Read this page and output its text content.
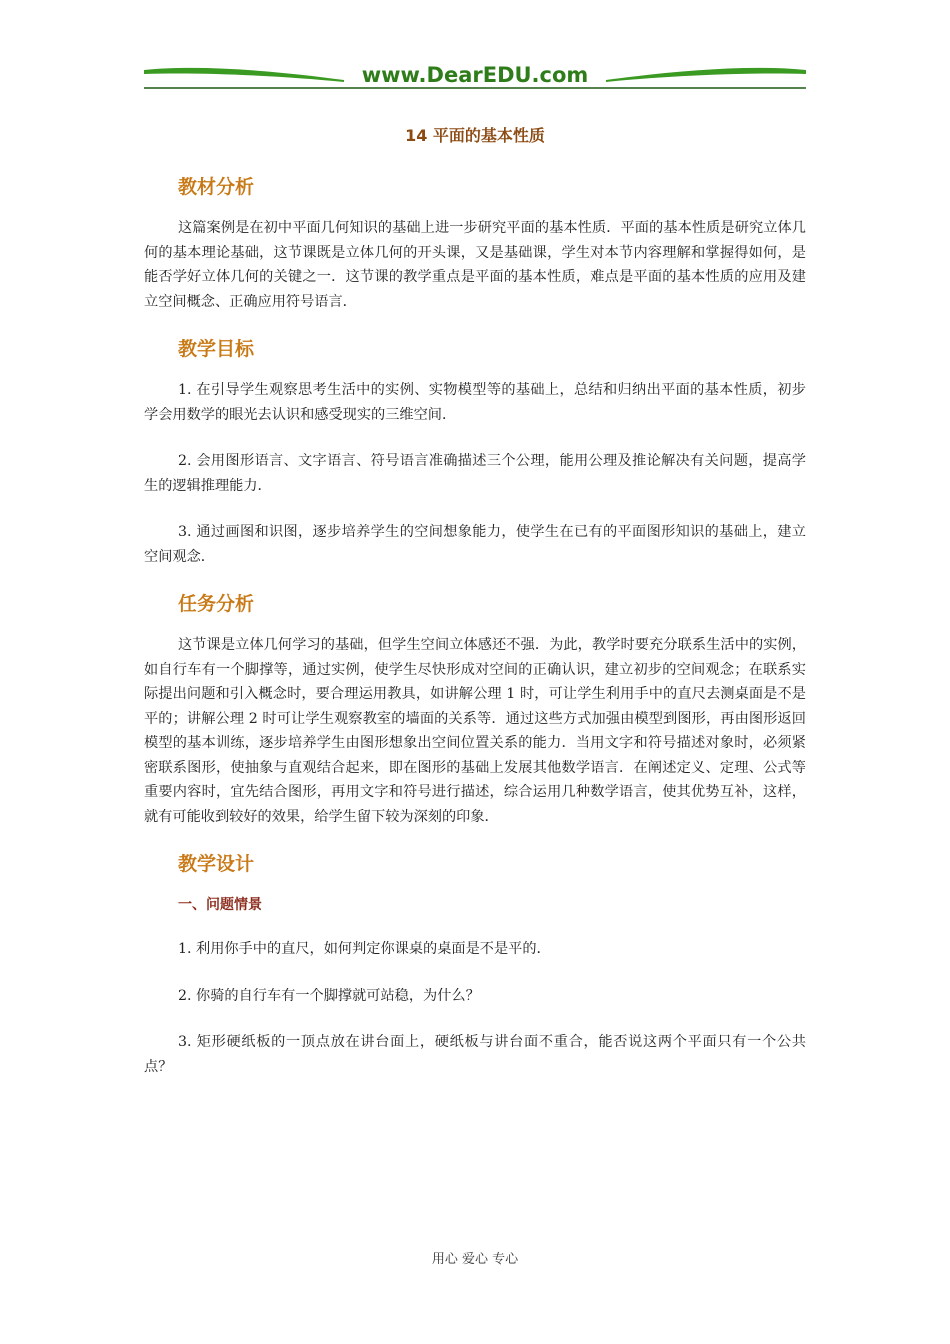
www.DearEDU.com
14 平面的基本性质
教材分析

这篇案例是在初中平面几何知识的基础上进一步研究平面的基本性质．平面的基本性质是研究立体几何的基本理论基础，这节课既是立体几何的开头课，又是基础课，学生对本节内容理解和掌握得如何，是能否学好立体几何的关键之一．这节课的教学重点是平面的基本性质，难点是平面的基本性质的应用及建立空间概念、正确应用符号语言．

教学目标

1. 在引导学生观察思考生活中的实例、实物模型等的基础上，总结和归纳出平面的基本性质，初步学会用数学的眼光去认识和感受现实的三维空间．

2. 会用图形语言、文字语言、符号语言准确描述三个公理，能用公理及推论解决有关问题，提高学生的逻辑推理能力．

3. 通过画图和识图，逐步培养学生的空间想象能力，使学生在已有的平面图形知识的基础上，建立空间观念．

任务分析

这节课是立体几何学习的基础，但学生空间立体感还不强．为此，教学时要充分联系生活中的实例，如自行车有一个脚撑等，通过实例，使学生尽快形成对空间的正确认识，建立初步的空间观念；在联系实际提出问题和引入概念时，要合理运用教具，如讲解公理 1 时，可让学生利用手中的直尺去测桌面是不是平的；讲解公理 2 时可让学生观察教室的墙面的关系等．通过这些方式加强由模型到图形，再由图形返回模型的基本训练，逐步培养学生由图形想象出空间位置关系的能力．当用文字和符号描述对象时，必须紧密联系图形，使抽象与直观结合起来，即在图形的基础上发展其他数学语言．在阐述定义、定理、公式等重要内容时，宜先结合图形，再用文字和符号进行描述，综合运用几种数学语言，使其优势互补，这样，就有可能收到较好的效果，给学生留下较为深刻的印象．

教学设计
一、问题情景

1. 利用你手中的直尺，如何判定你课桌的桌面是不是平的．

2. 你骑的自行车有一个脚撑就可站稳，为什么？

3. 矩形硬纸板的一顶点放在讲台面上，硬纸板与讲台面不重合，能否说这两个平面只有一个公共点？

用心 爱心 专心
